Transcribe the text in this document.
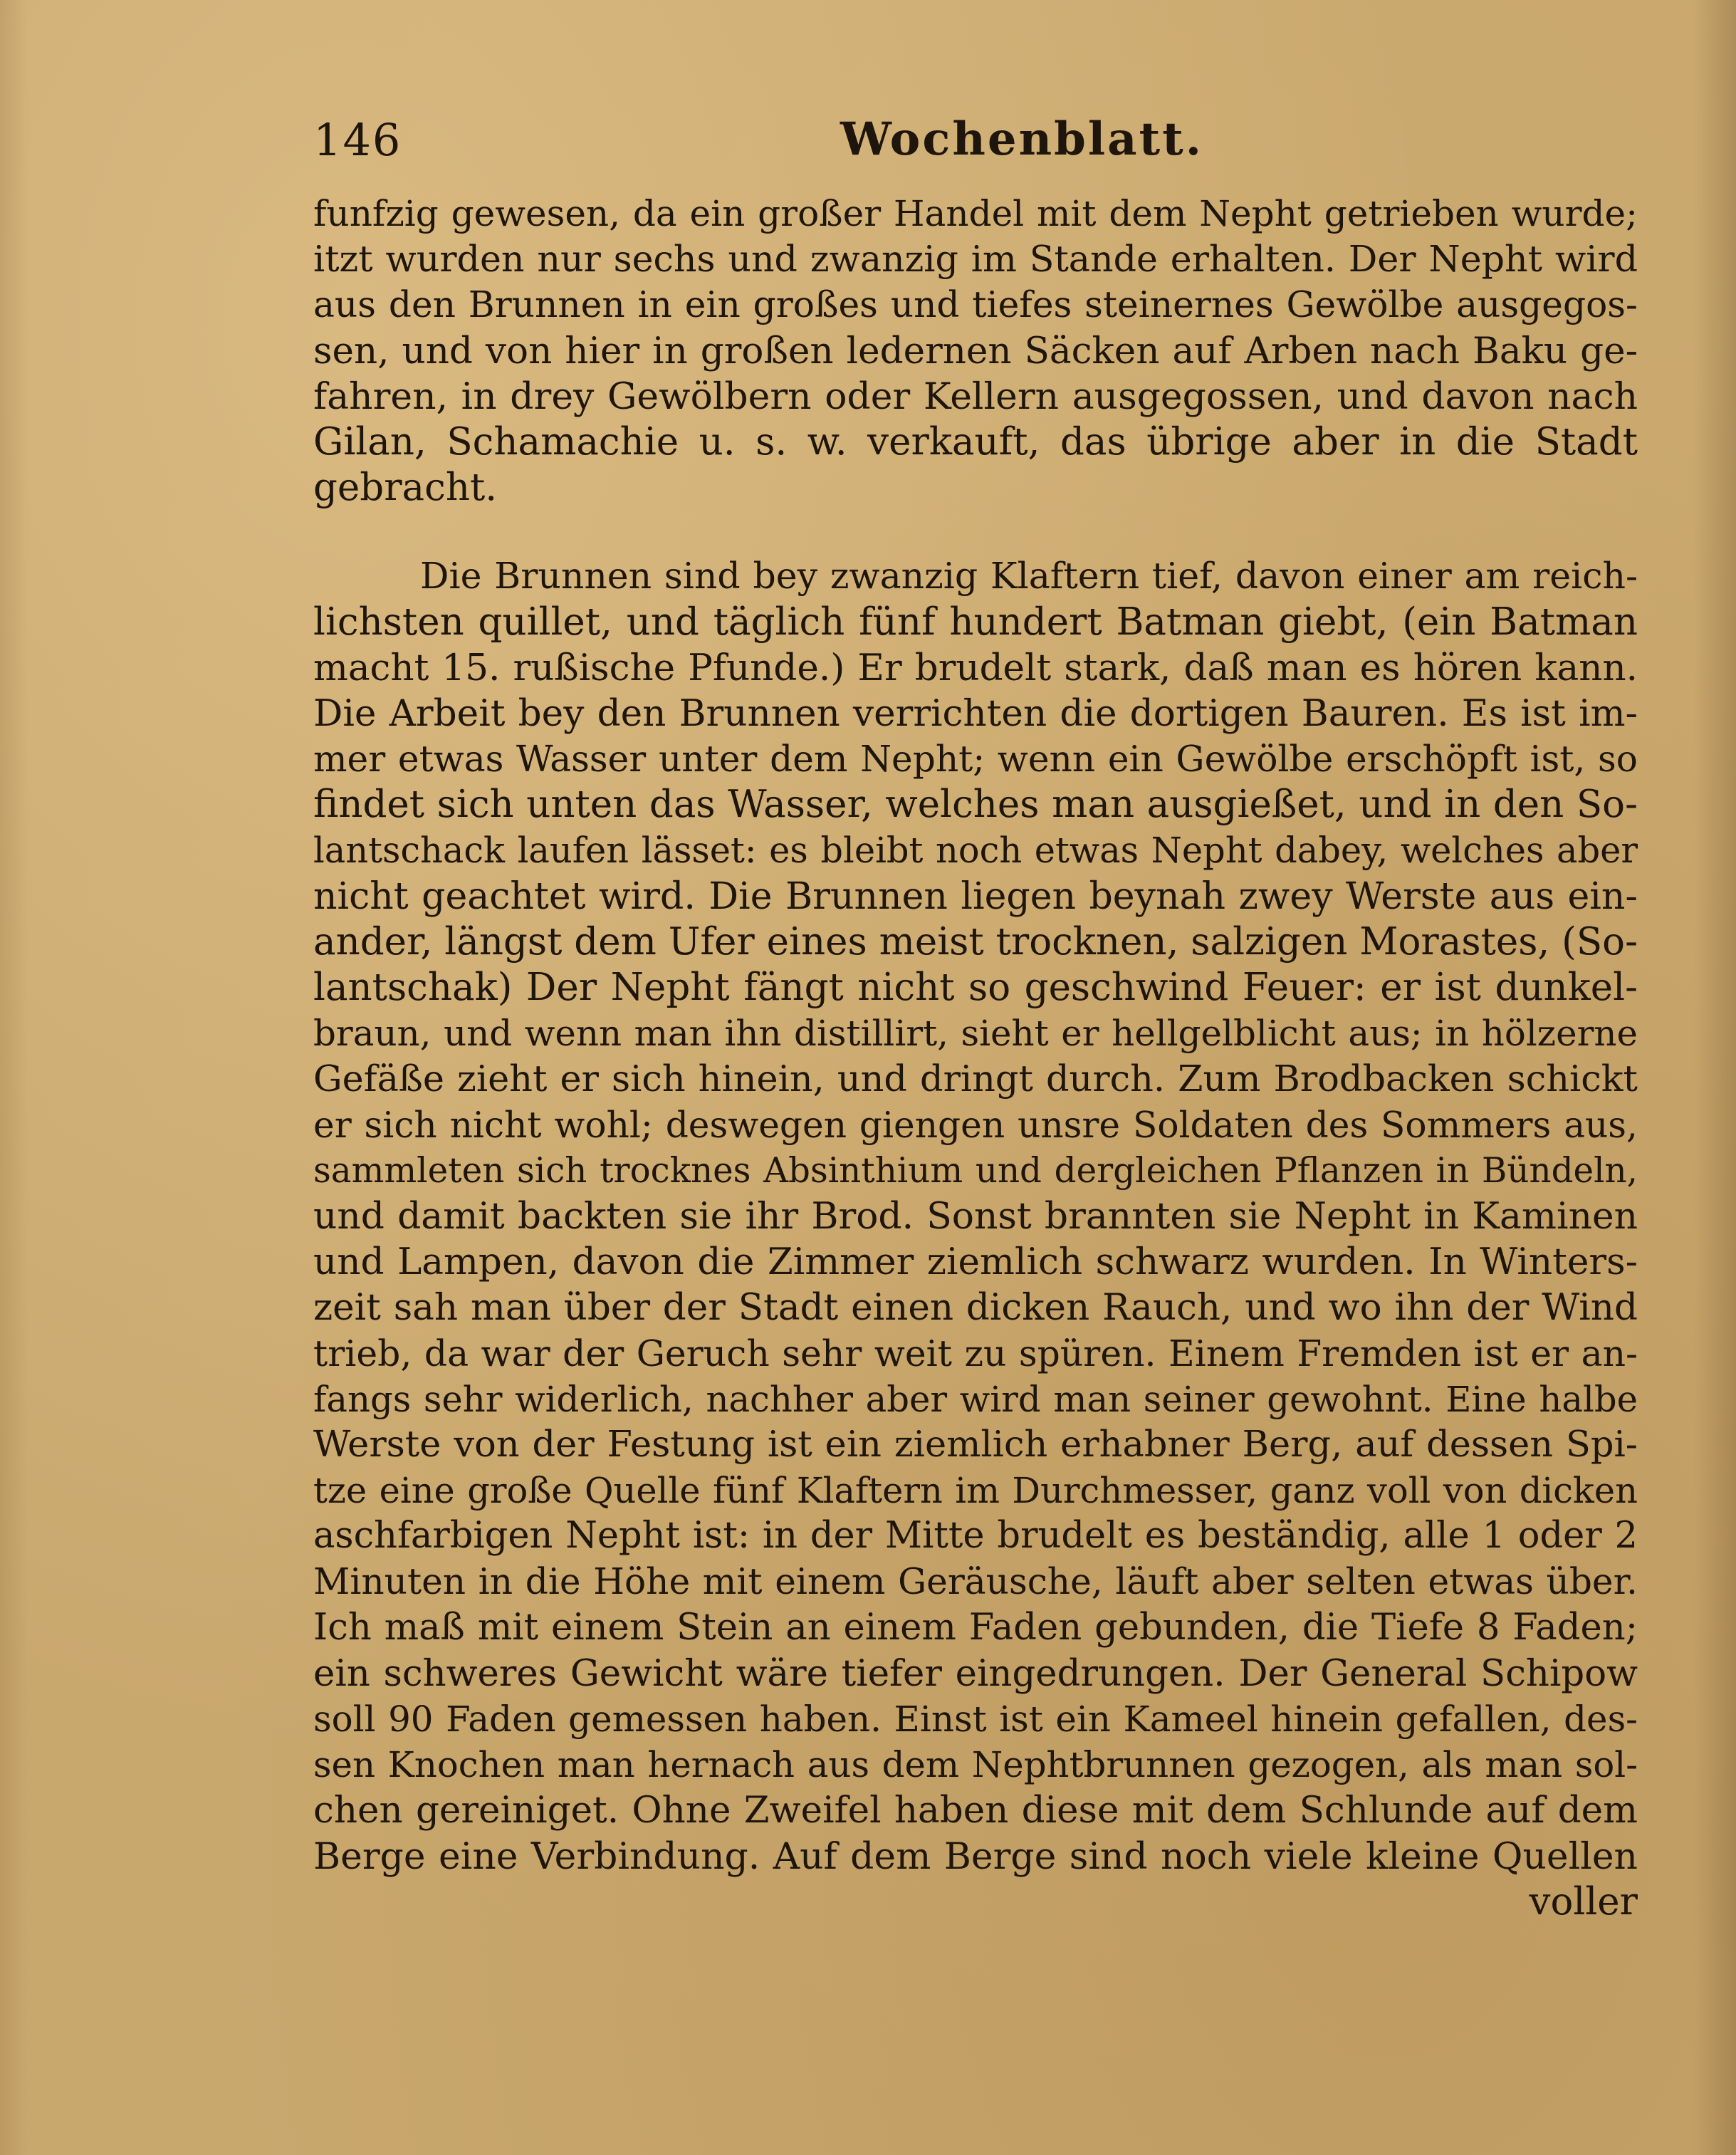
146	Wochenblatt.
funfzig gewesen, da ein großer Handel mit dem Nepht getrieben wurde;
itzt wurden nur sechs und zwanzig im Stande erhalten. Der Nepht wird
aus den Brunnen in ein großes und tiefes steinernes Gewölbe ausgegos-
sen, und von hier in großen ledernen Säcken auf Arben nach Baku ge-
fahren, in drey Gewölbern oder Kellern ausgegossen, und davon nach
Gilan, Schamachie u. s. w. verkauft, das übrige aber in die Stadt
gebracht.
Die Brunnen sind bey zwanzig Klaftern tief, davon einer am reich-
lichsten quillet, und täglich fünf hundert Batman giebt, (ein Batman
macht 15. rußische Pfunde.) Er brudelt stark, daß man es hören kann.
Die Arbeit bey den Brunnen verrichten die dortigen Bauren. Es ist im-
mer etwas Wasser unter dem Nepht; wenn ein Gewölbe erschöpft ist, so
findet sich unten das Wasser, welches man ausgießet, und in den So-
lantschack laufen lässet: es bleibt noch etwas Nepht dabey, welches aber
nicht geachtet wird. Die Brunnen liegen beynah zwey Werste aus ein-
ander, längst dem Ufer eines meist trocknen, salzigen Morastes, (So-
lantschak) Der Nepht fängt nicht so geschwind Feuer: er ist dunkel-
braun, und wenn man ihn distillirt, sieht er hellgelblicht aus; in hölzerne
Gefäße zieht er sich hinein, und dringt durch. Zum Brodbacken schickt
er sich nicht wohl; deswegen giengen unsre Soldaten des Sommers aus,
sammleten sich trocknes Absinthium und dergleichen Pflanzen in Bündeln,
und damit backten sie ihr Brod. Sonst brannten sie Nepht in Kaminen
und Lampen, davon die Zimmer ziemlich schwarz wurden. In Winters-
zeit sah man über der Stadt einen dicken Rauch, und wo ihn der Wind
trieb, da war der Geruch sehr weit zu spüren. Einem Fremden ist er an-
fangs sehr widerlich, nachher aber wird man seiner gewohnt. Eine halbe
Werste von der Festung ist ein ziemlich erhabner Berg, auf dessen Spi-
tze eine große Quelle fünf Klaftern im Durchmesser, ganz voll von dicken
aschfarbigen Nepht ist: in der Mitte brudelt es beständig, alle 1 oder 2
Minuten in die Höhe mit einem Geräusche, läuft aber selten etwas über.
Ich maß mit einem Stein an einem Faden gebunden, die Tiefe 8 Faden;
ein schweres Gewicht wäre tiefer eingedrungen. Der General Schipow
soll 90 Faden gemessen haben. Einst ist ein Kameel hinein gefallen, des-
sen Knochen man hernach aus dem Nephtbrunnen gezogen, als man sol-
chen gereiniget. Ohne Zweifel haben diese mit dem Schlunde auf dem
Berge eine Verbindung. Auf dem Berge sind noch viele kleine Quellen
voller
